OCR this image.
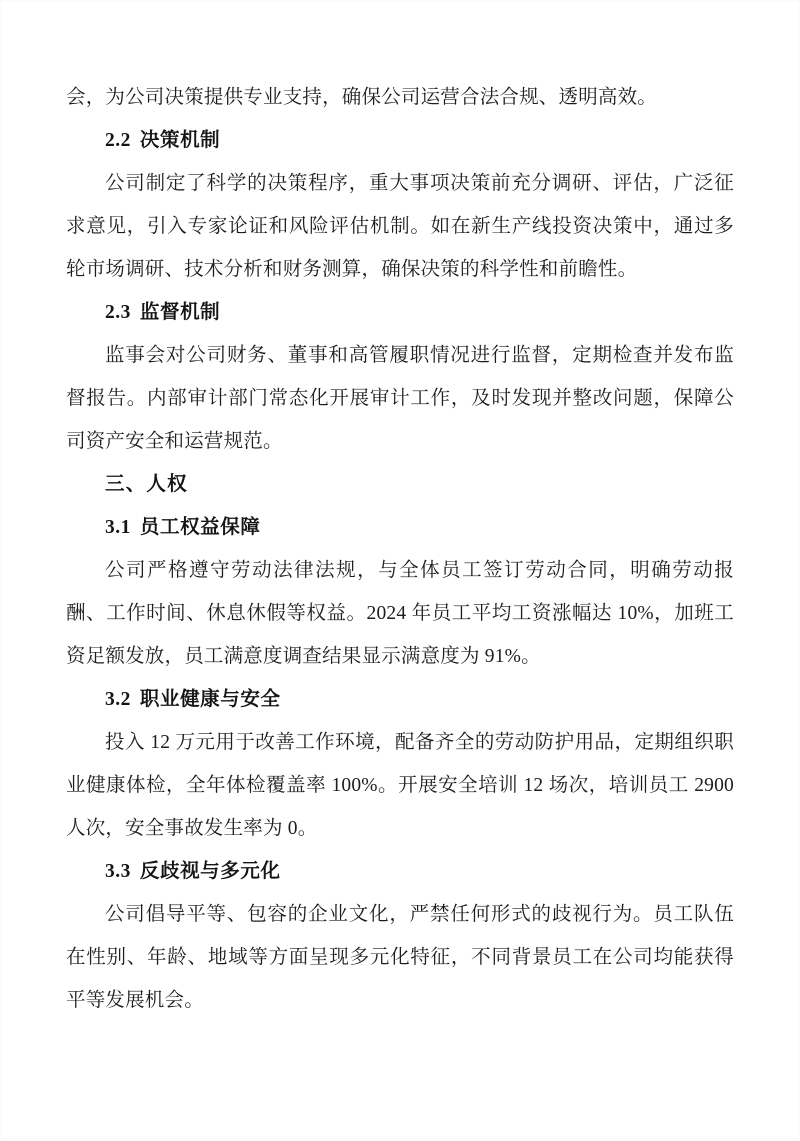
会，为公司决策提供专业支持，确保公司运营合法合规、透明高效。

2.2 决策机制

公司制定了科学的决策程序，重大事项决策前充分调研、评估，广泛征求意见，引入专家论证和风险评估机制。如在新生产线投资决策中，通过多轮市场调研、技术分析和财务测算，确保决策的科学性和前瞻性。

2.3 监督机制

监事会对公司财务、董事和高管履职情况进行监督，定期检查并发布监督报告。内部审计部门常态化开展审计工作，及时发现并整改问题，保障公司资产安全和运营规范。

三、人权
3.1 员工权益保障

公司严格遵守劳动法律法规，与全体员工签订劳动合同，明确劳动报酬、工作时间、休息休假等权益。2024 年员工平均工资涨幅达 10%，加班工资足额发放，员工满意度调查结果显示满意度为 91%。

3.2 职业健康与安全

投入 12 万元用于改善工作环境，配备齐全的劳动防护用品，定期组织职业健康体检，全年体检覆盖率 100%。开展安全培训 12 场次，培训员工 2900 人次，安全事故发生率为 0。

3.3 反歧视与多元化

公司倡导平等、包容的企业文化，严禁任何形式的歧视行为。员工队伍在性别、年龄、地域等方面呈现多元化特征，不同背景员工在公司均能获得平等发展机会。
